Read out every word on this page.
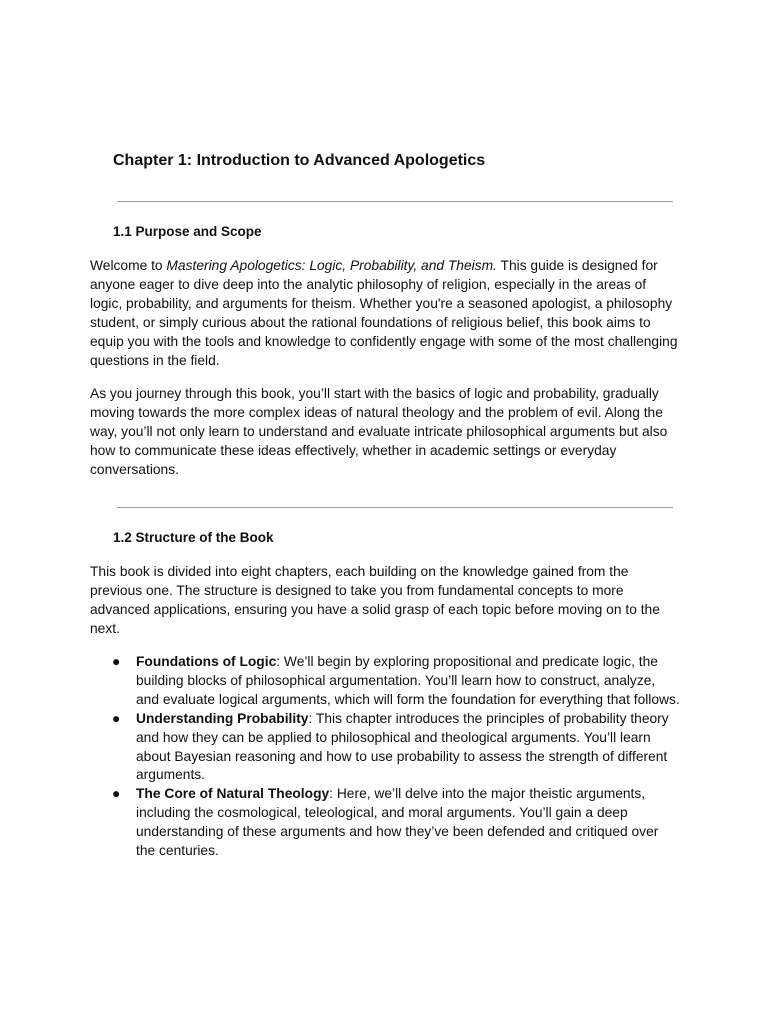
Chapter 1: Introduction to Advanced Apologetics
1.1 Purpose and Scope

Welcome to Mastering Apologetics: Logic, Probability, and Theism. This guide is designed for anyone eager to dive deep into the analytic philosophy of religion, especially in the areas of logic, probability, and arguments for theism. Whether you're a seasoned apologist, a philosophy student, or simply curious about the rational foundations of religious belief, this book aims to equip you with the tools and knowledge to confidently engage with some of the most challenging questions in the field.

As you journey through this book, you’ll start with the basics of logic and probability, gradually moving towards the more complex ideas of natural theology and the problem of evil. Along the way, you’ll not only learn to understand and evaluate intricate philosophical arguments but also how to communicate these ideas effectively, whether in academic settings or everyday conversations.

1.2 Structure of the Book

This book is divided into eight chapters, each building on the knowledge gained from the previous one. The structure is designed to take you from fundamental concepts to more advanced applications, ensuring you have a solid grasp of each topic before moving on to the next.

● Foundations of Logic: We’ll begin by exploring propositional and predicate logic, the building blocks of philosophical argumentation. You’ll learn how to construct, analyze, and evaluate logical arguments, which will form the foundation for everything that follows.
● Understanding Probability: This chapter introduces the principles of probability theory and how they can be applied to philosophical and theological arguments. You’ll learn about Bayesian reasoning and how to use probability to assess the strength of different arguments.
● The Core of Natural Theology: Here, we’ll delve into the major theistic arguments, including the cosmological, teleological, and moral arguments. You’ll gain a deep understanding of these arguments and how they’ve been defended and critiqued over the centuries.
